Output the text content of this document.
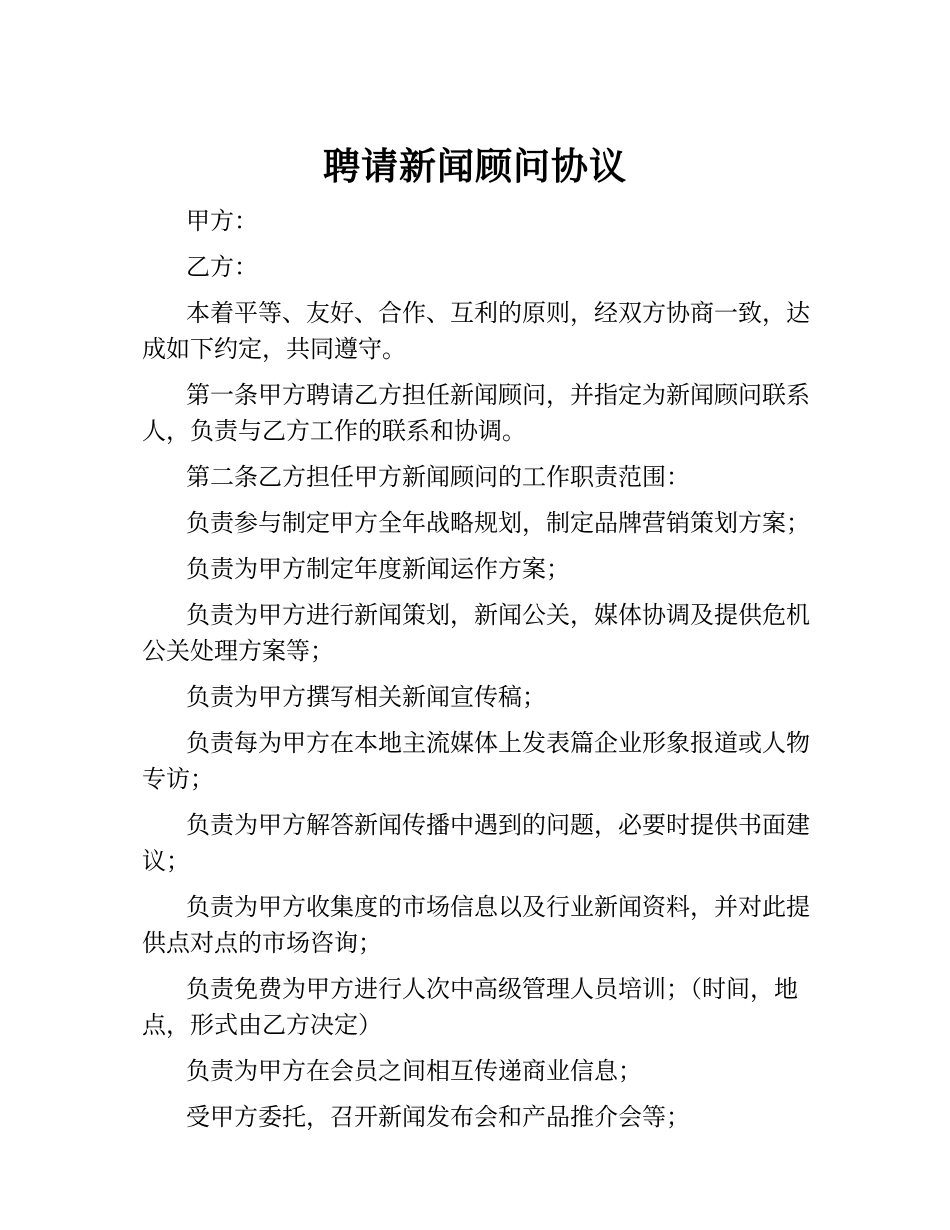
聘请新闻顾问协议

甲方：

乙方：

本着平等、友好、合作、互利的原则，经双方协商一致，达成如下约定，共同遵守。

第一条甲方聘请乙方担任新闻顾问，并指定为新闻顾问联系人，负责与乙方工作的联系和协调。

第二条乙方担任甲方新闻顾问的工作职责范围：

负责参与制定甲方全年战略规划，制定品牌营销策划方案；

负责为甲方制定年度新闻运作方案；

负责为甲方进行新闻策划，新闻公关，媒体协调及提供危机公关处理方案等；

负责为甲方撰写相关新闻宣传稿；

负责每为甲方在本地主流媒体上发表篇企业形象报道或人物专访；

负责为甲方解答新闻传播中遇到的问题，必要时提供书面建议；

负责为甲方收集度的市场信息以及行业新闻资料，并对此提供点对点的市场咨询；

负责免费为甲方进行人次中高级管理人员培训；（时间，地点，形式由乙方决定）

负责为甲方在会员之间相互传递商业信息；

受甲方委托，召开新闻发布会和产品推介会等；
